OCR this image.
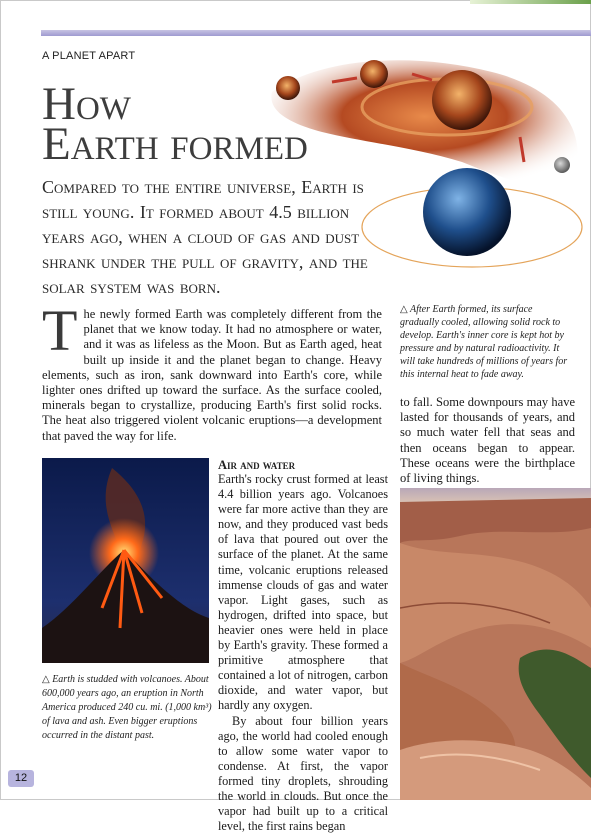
A PLANET APART
How
Earth formed

Compared to the entire universe, Earth is still young. It formed about 4.5 billion years ago, when a cloud of gas and dust shrank under the pull of gravity, and the solar system was born.

△ After Earth formed, its surface gradually cooled, allowing solid rock to develop. Earth's inner core is kept hot by pressure and by natural radioactivity. It will take hundreds of millions of years for this internal heat to fade away.

The newly formed Earth was completely different from the planet that we know today. It had no atmosphere or water, and it was as lifeless as the Moon. But as Earth aged, heat built up inside it and the planet began to change. Heavy elements, such as iron, sank downward into Earth's core, while lighter ones drifted up toward the surface. As the surface cooled, minerals began to crystallize, producing Earth's first solid rocks. The heat also triggered violent volcanic eruptions—a development that paved the way for life.

to fall. Some downpours may have lasted for thousands of years, and so much water fell that seas and then oceans began to appear. These oceans were the birthplace of living things.

△ Earth is studded with volcanoes. About 600,000 years ago, an eruption in North America produced 240 cu. mi. (1,000 km³) of lava and ash. Even bigger eruptions occurred in the distant past.

Air and water

Earth's rocky crust formed at least 4.4 billion years ago. Volcanoes were far more active than they are now, and they produced vast beds of lava that poured out over the surface of the planet. At the same time, volcanic eruptions released immense clouds of gas and water vapor. Light gases, such as hydrogen, drifted into space, but heavier ones were held in place by Earth's gravity. These formed a primitive atmosphere that contained a lot of nitrogen, carbon dioxide, and water vapor, but hardly any oxygen.

By about four billion years ago, the world had cooled enough to allow some water vapor to condense. At first, the vapor formed tiny droplets, shrouding the world in clouds. But once the vapor had built up to a critical level, the first rains began

12
